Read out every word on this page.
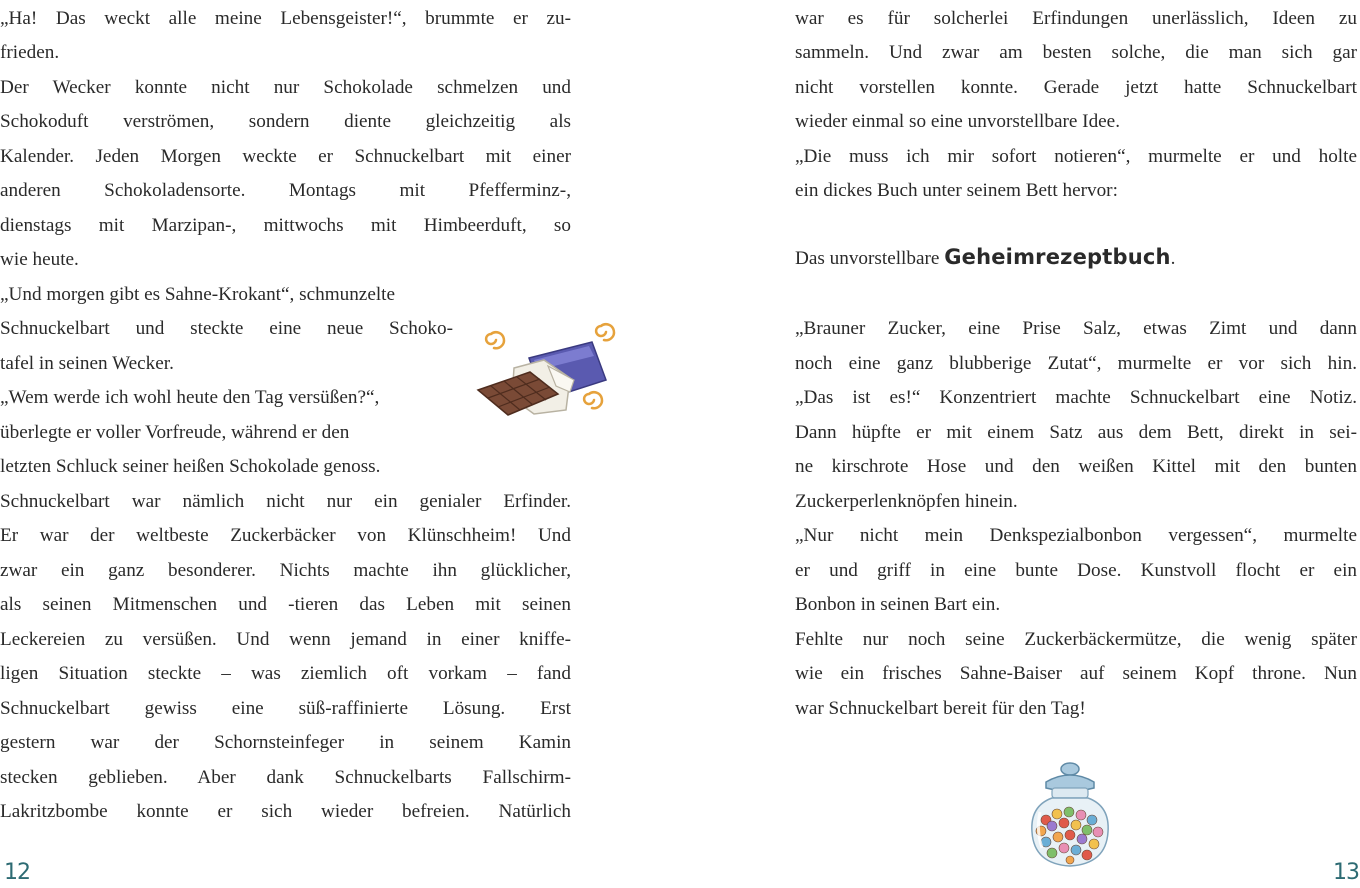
„Ha! Das weckt alle meine Lebensgeister!“, brummte er zu-
frieden.
Der Wecker konnte nicht nur Schokolade schmelzen und
Schokoduft verströmen, sondern diente gleichzeitig als
Kalender. Jeden Morgen weckte er Schnuckelbart mit einer
anderen Schokoladensorte. Montags mit Pfefferminz-,
dienstags mit Marzipan-, mittwochs mit Himbeerduft, so
wie heute.
„Und morgen gibt es Sahne-Krokant“, schmunzelte
Schnuckelbart und steckte eine neue Schoko-
tafel in seinen Wecker.
„Wem werde ich wohl heute den Tag versüßen?“,
überlegte er voller Vorfreude, während er den
letzten Schluck seiner heißen Schokolade genoss.
Schnuckelbart war nämlich nicht nur ein genialer Erfinder.
Er war der weltbeste Zuckerbäcker von Klünschheim! Und
zwar ein ganz besonderer. Nichts machte ihn glücklicher,
als seinen Mitmenschen und -tieren das Leben mit seinen
Leckereien zu versüßen. Und wenn jemand in einer kniffe-
ligen Situation steckte – was ziemlich oft vorkam – fand
Schnuckelbart gewiss eine süß-raffinierte Lösung. Erst
gestern war der Schornsteinfeger in seinem Kamin
stecken geblieben. Aber dank Schnuckelbarts Fallschirm-
Lakritzbombe konnte er sich wieder befreien. Natürlich
12
war es für solcherlei Erfindungen unerlässlich, Ideen zu
sammeln. Und zwar am besten solche, die man sich gar
nicht vorstellen konnte. Gerade jetzt hatte Schnuckelbart
wieder einmal so eine unvorstellbare Idee.
„Die muss ich mir sofort notieren“, murmelte er und holte
ein dickes Buch unter seinem Bett hervor:
Das unvorstellbare Geheimrezeptbuch.
„Brauner Zucker, eine Prise Salz, etwas Zimt und dann
noch eine ganz blubberige Zutat“, murmelte er vor sich hin.
„Das ist es!“ Konzentriert machte Schnuckelbart eine Notiz.
Dann hüpfte er mit einem Satz aus dem Bett, direkt in sei-
ne kirschrote Hose und den weißen Kittel mit den bunten
Zuckerperlenknöpfen hinein.
„Nur nicht mein Denkspezialbonbon vergessen“, murmelte
er und griff in eine bunte Dose. Kunstvoll flocht er ein
Bonbon in seinen Bart ein.
Fehlte nur noch seine Zuckerbäckermütze, die wenig später
wie ein frisches Sahne-Baiser auf seinem Kopf throne. Nun
war Schnuckelbart bereit für den Tag!
13
